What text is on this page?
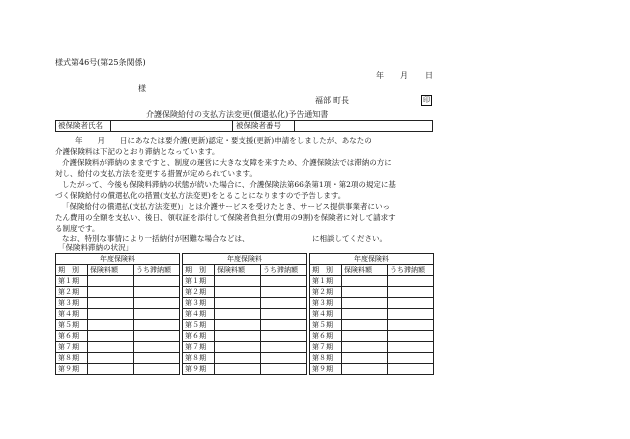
様式第46号(第25条関係)
年 月 日
様
福部 町長	印
介護保険給付の支払方法変更(償還払化)予告通知書
被保険者氏名	被保険者番号
年　　月　　日にあなたは要介護(更新)認定・要支援(更新)申請をしましたが、あなたの
介護保険料は下記のとおり滞納となっています。
介護保険料が滞納のままですと、制度の運営に大きな支障を来すため、介護保険法では滞納の方に
対し、給付の支払方法を変更する措置が定められています。
したがって、今後も保険料滞納の状態が続いた場合に、介護保険法第66条第1項・第2項の規定に基
づく保険給付の償還払化の措置(支払方法変更)をとることになりますので予告します。
「保険給付の償還払(支払方法変更)」とは介護サービスを受けたとき、サービス提供事業者にいっ
たん費用の全額を支払い、後日、領収証を添付して保険者負担分(費用の9割)を保険者に対して請求す
る制度です。
なお、特別な事情により一括納付が困難な場合などは、	に相談してください。
「保険料滞納の状況」
年度保険料
期　別	保険料額	うち滞納額
第１期
第２期
第３期
第４期
第５期
第６期
第７期
第８期
第９期
年度保険料
期　別	保険料額	うち滞納額
第１期
第２期
第３期
第４期
第５期
第６期
第７期
第８期
第９期
年度保険料
期　別	保険料額	うち滞納額
第１期
第２期
第３期
第４期
第５期
第６期
第７期
第８期
第９期
